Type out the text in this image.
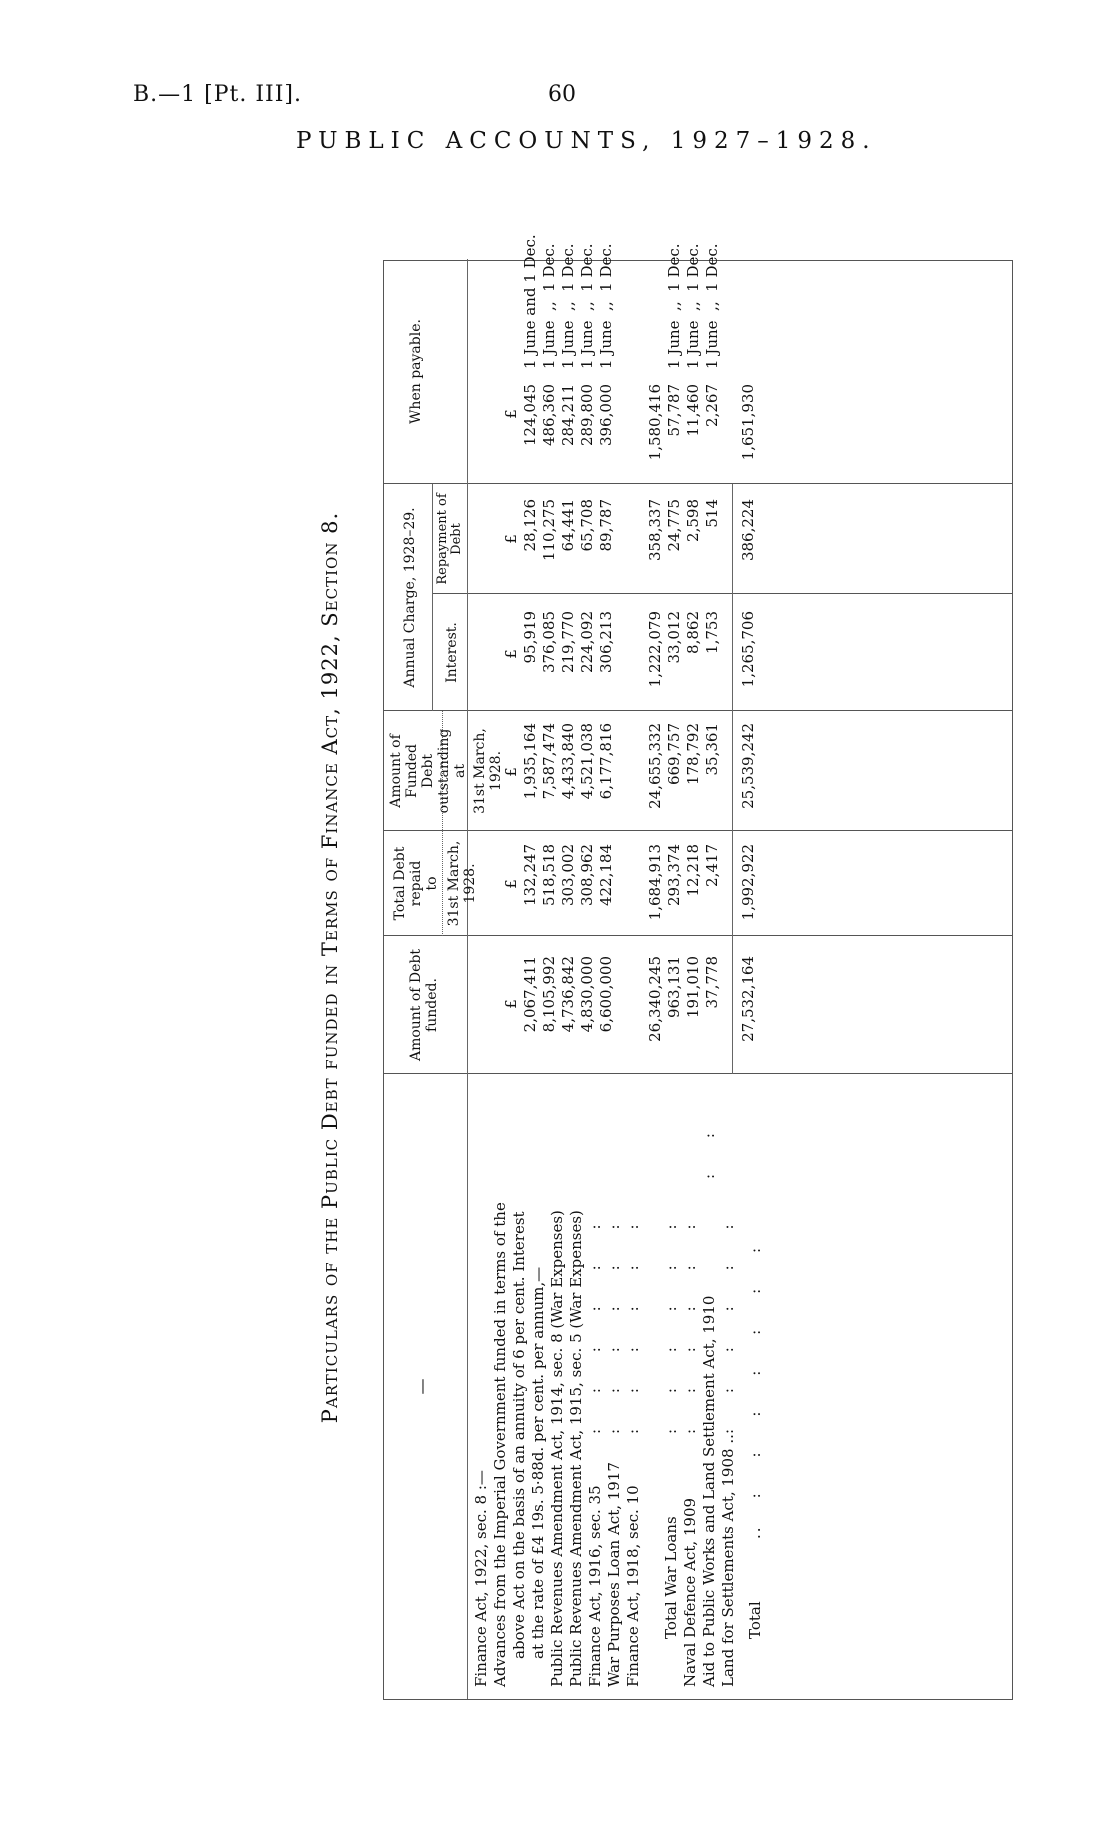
B.—1 [Pt. III].	60
PUBLIC ACCOUNTS, 1927–1928.
Particulars of the Public Debt funded in Terms of Finance Act, 1922, Section 8.	—
Amount of Debt funded.
Total Debt repaid to 31st March, 1928.
Amount of Funded Debt outstanding at 31st March, 1928.
Annual Charge, 1928–29. Interest.
Repayment of Debt
When payable.
£
£
£
£
£
£
Finance Act, 1922, sec. 8 :— Advances from the Imperial Government funded in terms of the above Act on the basis of an annuity of 6 per cent. Interest at the rate of £4 19s. 5·88d. per cent. per annum,— Public Revenues Amendment Act, 1914, sec. 8 (War Expenses)
2,067,411
132,247
1,935,164
95,919
28,126
124,045
1 June and 1 Dec.
Public Revenues Amendment Act, 1915, sec. 5 (War Expenses)
8,105,992
518,518
7,587,474
376,085
110,275
486,360
1 June  ,,  1 Dec.
Finance Act, 1916, sec. 35
:     :     :     :     :     :
4,736,842
303,002
4,433,840
219,770
64,441
284,211
1 June  ,,  1 Dec.
War Purposes Loan Act, 1917
:     :     :     :     :     :
4,830,000
308,962
4,521,038
224,092
65,708
289,800
1 June  ,,  1 Dec.
Finance Act, 1918, sec. 10
:     :     :     :     :     :
6,600,000
422,184
6,177,816
306,213
89,787
396,000
1 June  ,,  1 Dec.
Total War Loans
:     :     :     :     :     :
26,340,245
1,684,913
24,655,332
1,222,079
358,337
1,580,416
Naval Defence Act, 1909
:     :     :     :     :     :
963,131
293,374
669,757
33,012
24,775
57,787
1 June  ,,  1 Dec.
Aid to Public Works and Land Settlement Act, 1910
:     :
191,010
12,218
178,792
8,862
2,598
11,460
1 June  ,,  1 Dec.
Land for Settlements Act, 1908 ..
:     :     :     :     :     :
37,778
2,417
35,361
1,753
514
2,267
1 June  ,,  1 Dec.
Total
..    :     :     :     :     :     :     :
27,532,164
1,992,922
25,539,242
1,265,706
386,224
1,651,930
